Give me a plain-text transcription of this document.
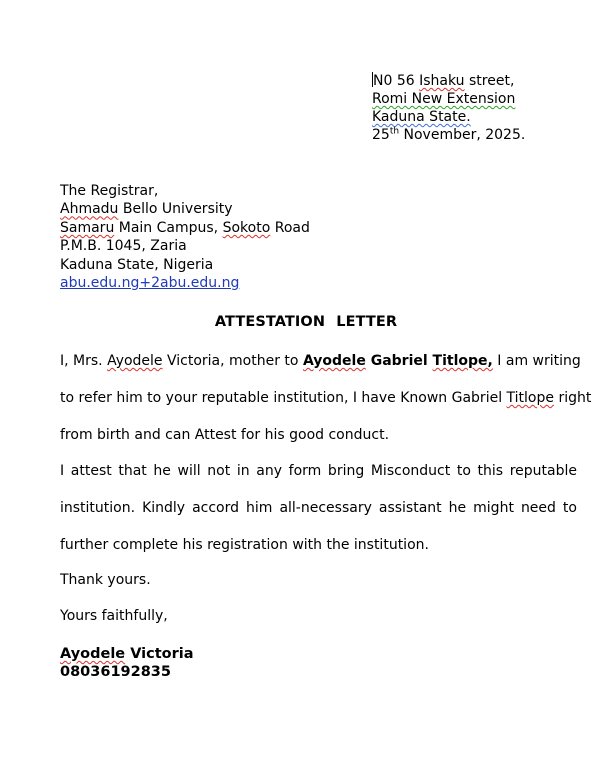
N0 56 Ishaku street,
Romi New Extension
Kaduna State.
25th November, 2025.
The Registrar,
Ahmadu Bello University
Samaru Main Campus, Sokoto Road
P.M.B. 1045, Zaria
Kaduna State, Nigeria
abu.edu.ng+2abu.edu.ng
ATTESTATION LETTER
I, Mrs. Ayodele Victoria, mother to Ayodele Gabriel Titlope, I am writing
to refer him to your reputable institution, I have Known Gabriel Titlope right
from birth and can Attest for his good conduct.
I attest that he will not in any form bring Misconduct to this reputable
institution. Kindly accord him all-necessary assistant he might need to
further complete his registration with the institution.
Thank yours.
Yours faithfully,
Ayodele Victoria
08036192835
